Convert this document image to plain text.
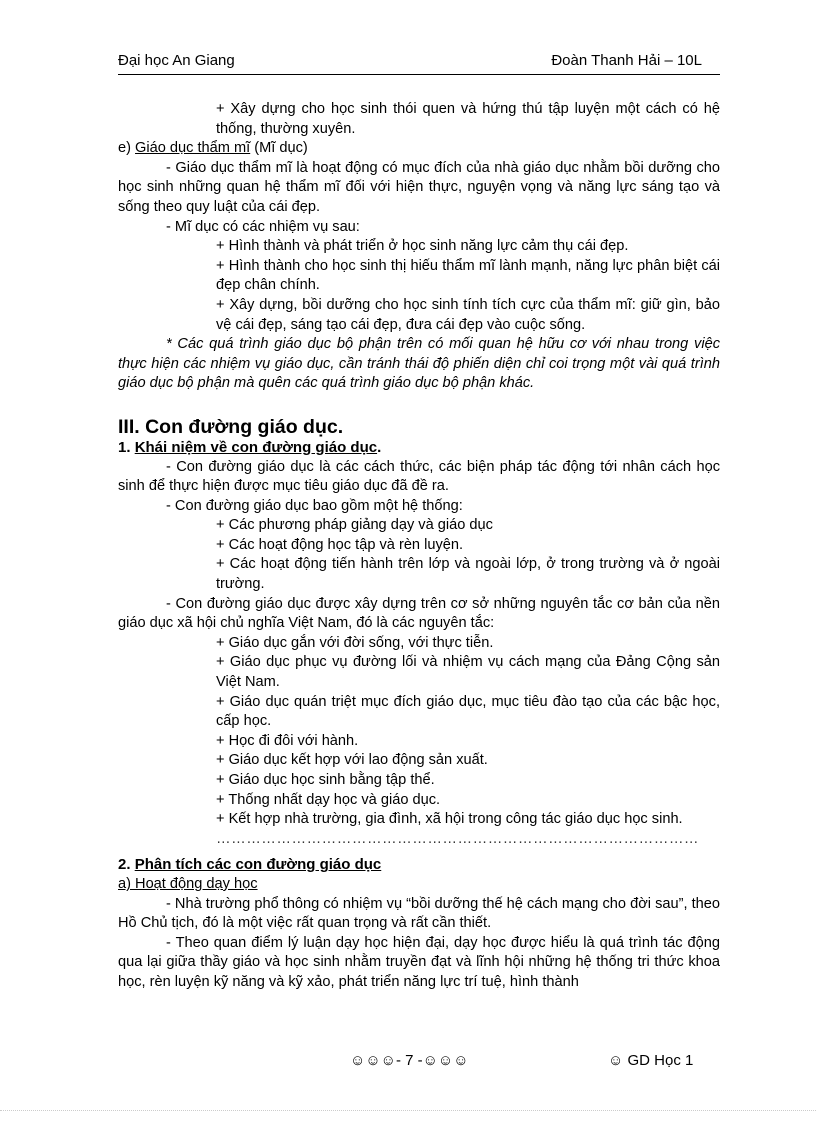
Đại học An Giang	Đoàn Thanh Hải – 10L

+ Xây dựng cho học sinh thói quen và hứng thú tập luyện một cách có hệ thống, thường xuyên.

e) Giáo dục thẩm mĩ (Mĩ dục)

- Giáo dục thẩm mĩ là hoạt động có mục đích của nhà giáo dục nhằm bồi dưỡng cho học sinh những quan hệ thẩm mĩ đối với hiện thực, nguyện vọng và năng lực sáng tạo và sống theo quy luật của cái đẹp.

- Mĩ dục có các nhiệm vụ sau:

+ Hình thành và phát triển ở học sinh năng lực cảm thụ cái đẹp.

+ Hình thành cho học sinh thị hiếu thẩm mĩ lành mạnh, năng lực phân biệt cái đẹp chân chính.

+ Xây dựng, bồi dưỡng cho học sinh tính tích cực của thẩm mĩ: giữ gìn, bảo vệ cái đẹp, sáng tạo cái đẹp, đưa cái đẹp vào cuộc sống.

* Các quá trình giáo dục bộ phận trên có mối quan hệ hữu cơ với nhau trong việc thực hiện các nhiệm vụ giáo dục, cần tránh thái độ phiến diện chỉ coi trọng một vài quá trình giáo dục bộ phận mà quên các quá trình giáo dục bộ phận khác.

III. Con đường giáo dục.
1. Khái niệm về con đường giáo dục.

- Con đường giáo dục là các cách thức, các biện pháp tác động tới nhân cách học sinh để thực hiện được mục tiêu giáo dục đã đề ra.

- Con đường giáo dục bao gồm một hệ thống:

+ Các phương pháp giảng dạy và giáo dục

+ Các hoạt động học tập và rèn luyện.

+ Các hoạt động tiến hành trên lớp và ngoài lớp, ở trong trường và ở ngoài trường.

- Con đường giáo dục được xây dựng trên cơ sở những nguyên tắc cơ bản của nền giáo dục xã hội chủ nghĩa Việt Nam, đó là các nguyên tắc:

+ Giáo dục gắn với đời sống, với thực tiễn.

+ Giáo dục phục vụ đường lối và nhiệm vụ cách mạng của Đảng Cộng sản Việt Nam.

+ Giáo dục quán triệt mục đích giáo dục, mục tiêu đào tạo của các bậc học, cấp học.

+ Học đi đôi với hành.

+ Giáo dục kết hợp với lao động sản xuất.

+ Giáo dục học sinh bằng tập thể.

+ Thống nhất dạy học và giáo dục.

+ Kết hợp nhà trường, gia đình, xã hội trong công tác giáo dục học sinh.

……………………………………………………………………………………
2. Phân tích các con đường giáo dục

a) Hoạt động dạy học

- Nhà trường phổ thông có nhiệm vụ “bồi dưỡng thế hệ cách mạng cho đời sau”, theo Hồ Chủ tịch, đó là một việc rất quan trọng và rất cần thiết.

- Theo quan điểm lý luận dạy học hiện đại, dạy học được hiểu là quá trình tác động qua lại giữa thầy giáo và học sinh nhằm truyền đạt và lĩnh hội những hệ thống tri thức khoa học, rèn luyện kỹ năng và kỹ xảo, phát triển năng lực trí tuệ, hình thành

☺☺☺- 7 -☺☺☺	☺ GD Học 1
